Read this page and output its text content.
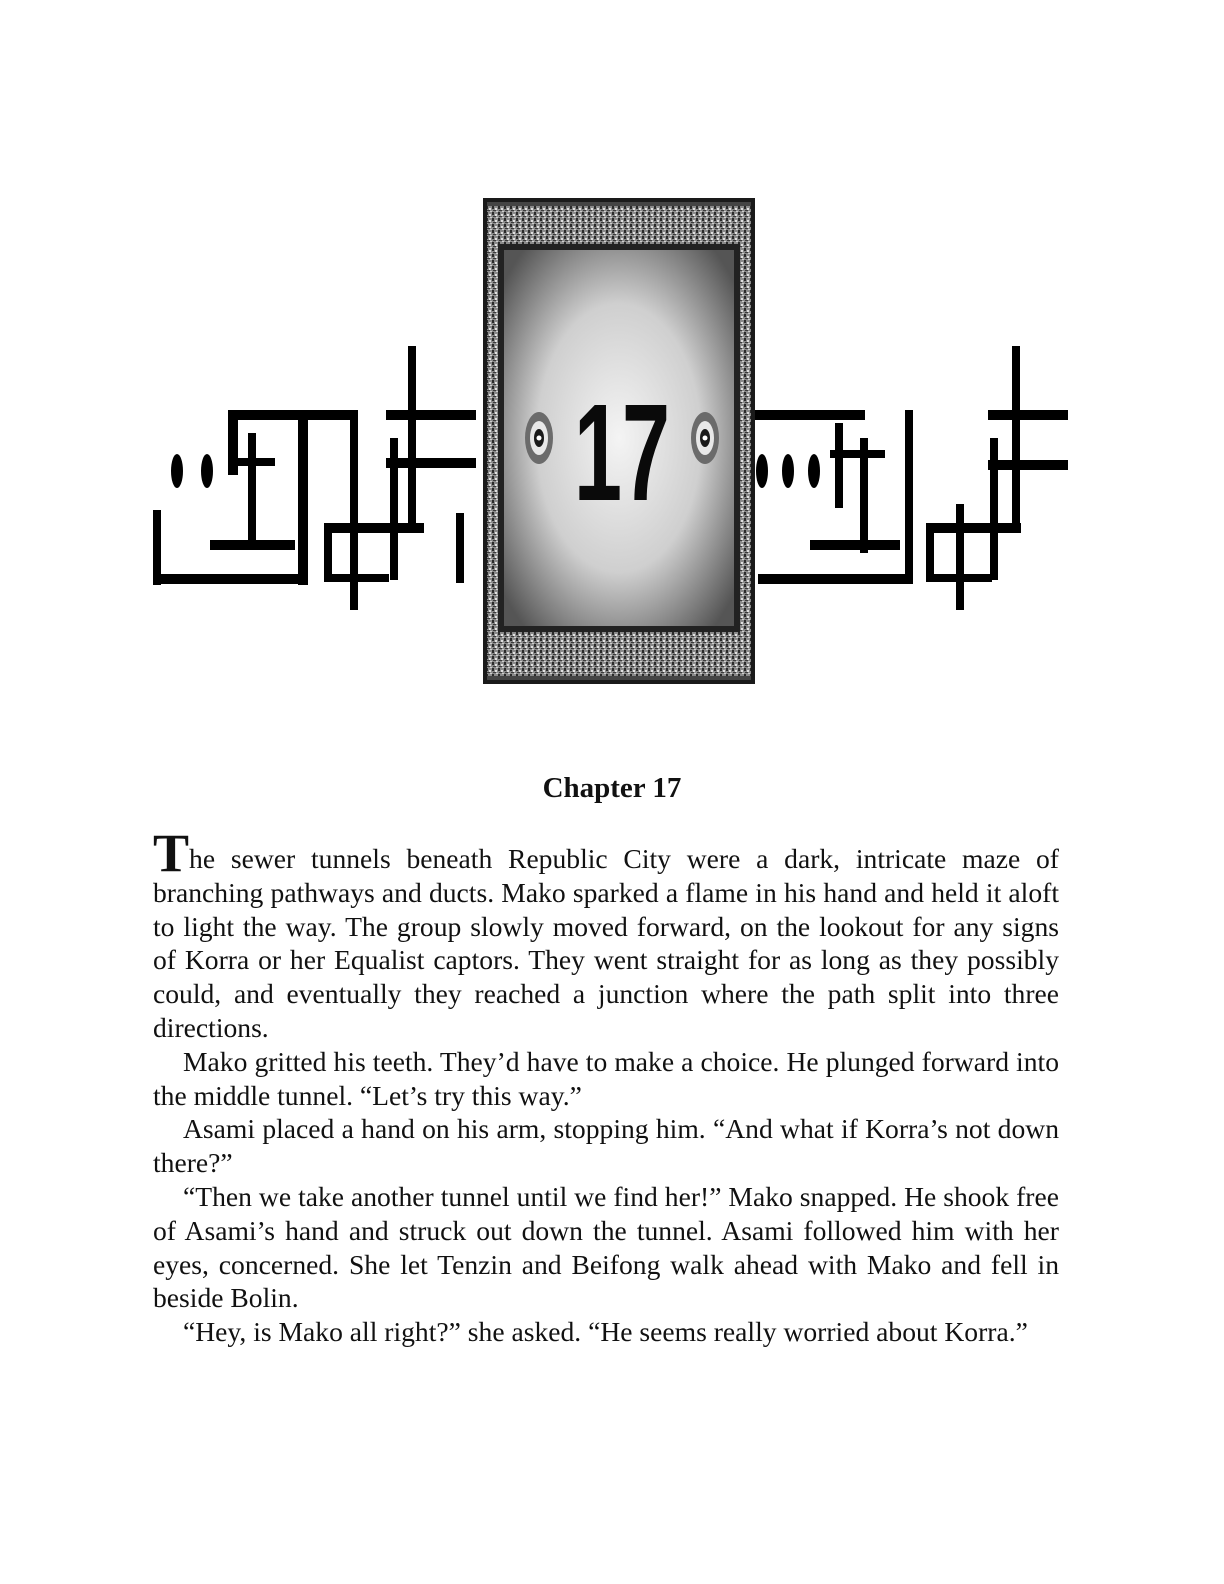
17
Chapter 17

The sewer tunnels beneath Republic City were a dark, intricate maze of branching pathways and ducts. Mako sparked a flame in his hand and held it aloft to light the way. The group slowly moved forward, on the lookout for any signs of Korra or her Equalist captors. They went straight for as long as they possibly could, and eventually they reached a junction where the path split into three directions.

Mako gritted his teeth. They’d have to make a choice. He plunged forward into the middle tunnel. “Let’s try this way.”

Asami placed a hand on his arm, stopping him. “And what if Korra’s not down there?”

“Then we take another tunnel until we find her!” Mako snapped. He shook free of Asami’s hand and struck out down the tunnel. Asami followed him with her eyes, concerned. She let Tenzin and Beifong walk ahead with Mako and fell in beside Bolin.

“Hey, is Mako all right?” she asked. “He seems really worried about Korra.”
